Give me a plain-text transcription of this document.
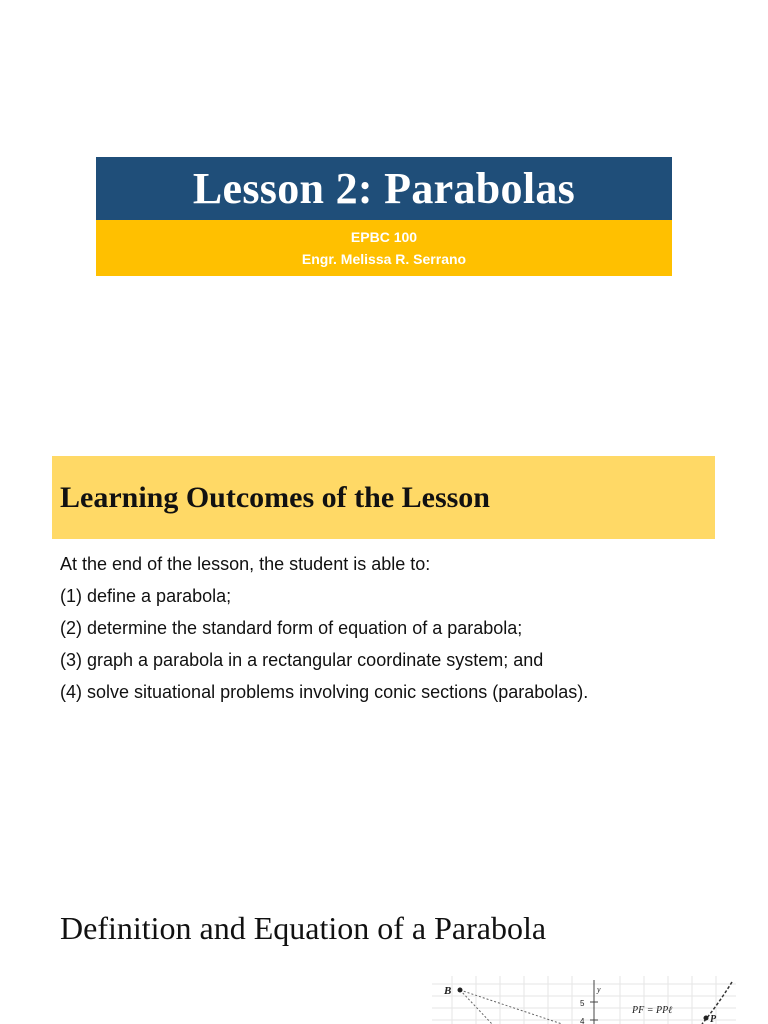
Lesson 2: Parabolas
EPBC 100
Engr. Melissa R. Serrano
Learning Outcomes of the Lesson
At the end of the lesson, the student is able to:
(1) define a parabola;
(2) determine the standard form of equation of a parabola;
(3) graph a parabola in a rectangular coordinate system; and
(4) solve situational problems involving conic sections (parabolas).
Definition and Equation of a Parabola
B	y
5
4
PF = PPℓ
P
